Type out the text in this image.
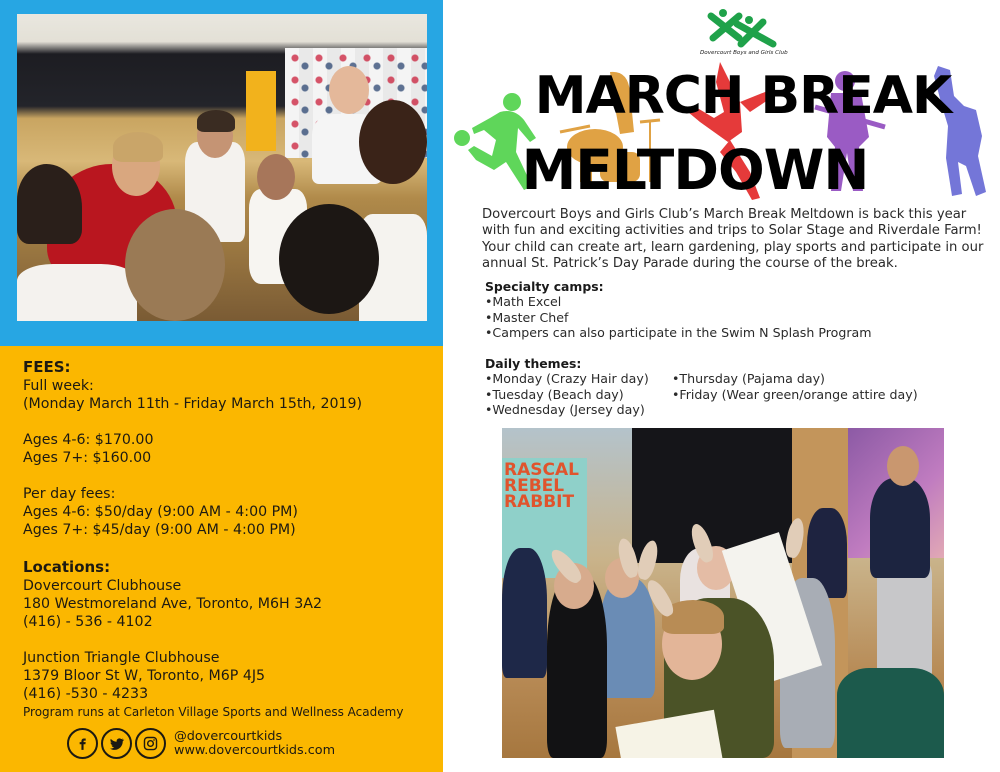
FEES:
Full week:
(Monday March 11th - Friday March 15th, 2019)
Ages 4-6: $170.00
Ages 7+: $160.00
Per day fees:
Ages 4-6: $50/day (9:00 AM - 4:00 PM)
Ages 7+: $45/day (9:00 AM - 4:00 PM)
Locations:
Dovercourt Clubhouse
180 Westmoreland Ave, Toronto, M6H 3A2
(416) - 536 - 4102
Junction Triangle Clubhouse
1379 Bloor St W, Toronto, M6P 4J5
(416) -530 - 4233
Program runs at Carleton Village Sports and Wellness Academy
@dovercourtkids
www.dovercourtkids.com
Dovercourt Boys and Girls Club
MARCH BREAK
MELTDOWN
Dovercourt Boys and Girls Club’s March Break Meltdown is back this year with fun and exciting activities and trips to Solar Stage and Riverdale Farm! Your child can create art, learn gardening, play sports and participate in our annual St. Patrick’s Day Parade during the course of the break.
Specialty camps:
•Math Excel
•Master Chef
•Campers can also participate in the Swim N Splash Program
Daily themes:
•Monday (Crazy Hair day)
•Tuesday (Beach day)
•Wednesday (Jersey day)
•Thursday (Pajama day)
•Friday (Wear green/orange attire day)
RASCAL REBEL RABBIT
